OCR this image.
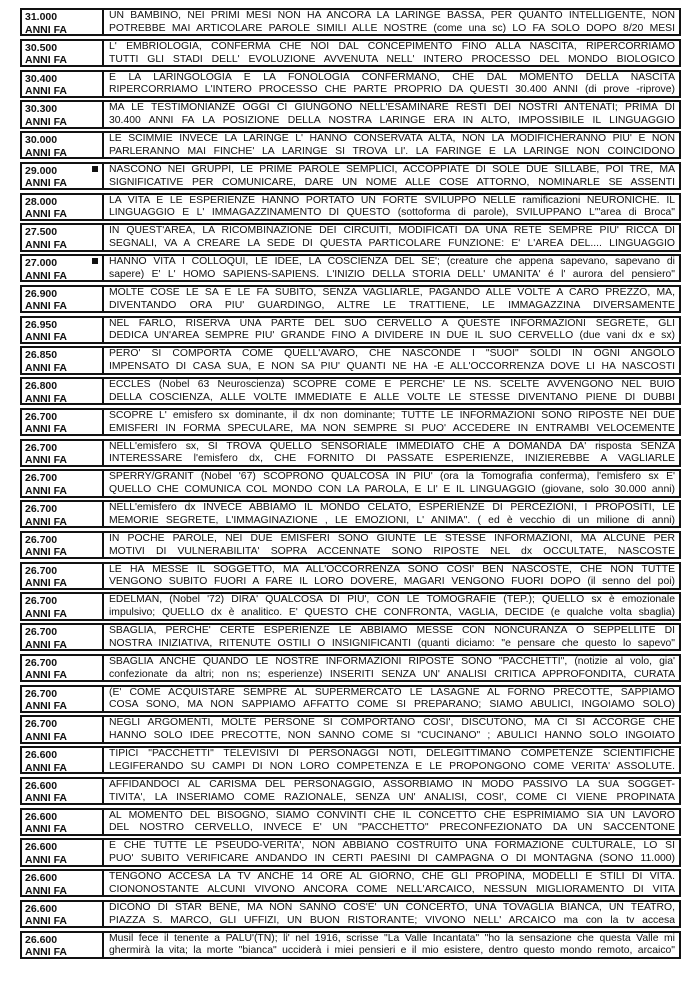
31.000
ANNI FA
UN BAMBINO, NEI PRIMI MESI NON HA ANCORA LA LARINGE BASSA, PER QUANTO INTELLIGENTE, NON
POTREBBE MAI ARTICOLARE PAROLE SIMILI ALLE NOSTRE (come una sc) LO FA SOLO DOPO 8/20 MESI
30.500
ANNI FA
L' EMBRIOLOGIA, CONFERMA CHE NOI DAL CONCEPIMENTO FINO ALLA NASCITA, RIPERCORRIAMO
TUTTI GLI STADI DELL' EVOLUZIONE AVVENUTA NELL' INTERO PROCESSO DEL MONDO BIOLOGICO
30.400
ANNI FA
E LA LARINGOLOGIA E LA FONOLOGIA CONFERMANO, CHE DAL MOMENTO DELLA NASCITA
RIPERCORRIAMO L'INTERO PROCESSO CHE PARTE PROPRIO DA QUESTI 30.400 ANNI (di prove -riprove)
30.300
ANNI FA
MA LE TESTIMONIANZE OGGI CI GIUNGONO NELL'ESAMINARE RESTI DEI NOSTRI ANTENATI; PRIMA DI
30.400 ANNI FA LA POSIZIONE DELLA NOSTRA LARINGE ERA IN ALTO, IMPOSSIBILE IL LINGUAGGIO
30.000
ANNI FA
LE SCIMMIE INVECE LA LARINGE L' HANNO CONSERVATA ALTA, NON LA MODIFICHERANNO PIU' E NON
PARLERANNO MAI FINCHE' LA LARINGE SI TROVA LI'. LA FARINGE E LA LARINGE NON COINCIDONO
29.000
ANNI FA
NASCONO NEI GRUPPI, LE PRIME PAROLE SEMPLICI, ACCOPPIATE DI SOLE DUE SILLABE, POI TRE, MA
SIGNIFICATIVE PER COMUNICARE, DARE UN NOME ALLE COSE ATTORNO, NOMINARLE SE ASSENTI
28.000
ANNI FA
LA VITA E LE ESPERIENZE HANNO PORTATO UN FORTE SVILUPPO NELLE ramificazioni NEURONICHE. IL
LINGUAGGIO E L' IMMAGAZZINAMENTO DI QUESTO (sottoforma di parole), SVILUPPANO L'"area di Broca"
27.500
ANNI FA
IN QUEST'AREA, LA RICOMBINAZIONE DEI CIRCUITI, MODIFICATI DA UNA RETE SEMPRE PIU' RICCA DI
SEGNALI, VA A CREARE LA SEDE DI QUESTA PARTICOLARE FUNZIONE: E' L'AREA DEL.... LINGUAGGIO
27.000
ANNI FA
HANNO VITA I COLLOQUI, LE IDEE, LA COSCIENZA DEL SE'; (creature che appena sapevano, sapevano di
sapere) E' L' HOMO SAPIENS-SAPIENS. L'INIZIO DELLA STORIA DELL' UMANITA' é l' aurora del pensiero"
26.900
ANNI FA
MOLTE COSE LE SA E LE FA SUBITO, SENZA VAGLIARLE, PAGANDO ALLE VOLTE A CARO PREZZO, MA,
DIVENTANDO ORA PIU' GUARDINGO, ALTRE LE TRATTIENE, LE IMMAGAZZINA DIVERSAMENTE
26.950
ANNI FA
NEL FARLO, RISERVA UNA PARTE DEL SUO CERVELLO A QUESTE INFORMAZIONI SEGRETE, GLI
DEDICA UN'AREA SEMPRE PIU' GRANDE FINO A DIVIDERE IN DUE IL SUO CERVELLO (due vani dx e sx)
26.850
ANNI FA
PERO' SI COMPORTA COME QUELL'AVARO, CHE NASCONDE I "SUOI" SOLDI IN OGNI ANGOLO
IMPENSATO DI CASA SUA, E NON SA PIU' QUANTI NE HA -E ALL'OCCORRENZA DOVE LI HA NASCOSTI
26.800
ANNI FA
ECCLES (Nobel 63 Neuroscienza) SCOPRE COME E PERCHE' LE NS. SCELTE AVVENGONO NEL BUIO
DELLA COSCIENZA, ALLE VOLTE IMMEDIATE E ALLE VOLTE LE STESSE DIVENTANO PIENE DI DUBBI
26.700
ANNI FA
SCOPRE L' emisfero sx dominante, il dx non dominante; TUTTE LE INFORMAZIONI SONO RIPOSTE NEI DUE
EMISFERI IN FORMA SPECULARE, MA NON SEMPRE SI PUO' ACCEDERE IN ENTRAMBI VELOCEMENTE
26.700
ANNI FA
NELL'emisfero sx, SI TROVA QUELLO SENSORIALE IMMEDIATO CHE A DOMANDA DA' risposta SENZA
INTERESSARE l'emisfero dx, CHE FORNITO DI PASSATE ESPERIENZE, INIZIEREBBE A VAGLIARLE
26.700
ANNI FA
SPERRY/GRANIT (Nobel '67) SCOPRONO QUALCOSA IN PIU' (ora la Tomografia conferma), l'emisfero sx E'
QUELLO CHE COMUNICA COL MONDO CON LA PAROLA, E LI' E IL LINGUAGGIO (giovane, solo 30.000 anni)
26.700
ANNI FA
NELL'emisfero dx INVECE ABBIAMO IL MONDO CELATO, ESPERIENZE DI PERCEZIONI, I PROPOSITI, LE
MEMORIE SEGRETE, L'IMMAGINAZIONE , LE EMOZIONI, L' ANIMA". ( ed è vecchio di un milione di anni)
26.700
ANNI FA
IN POCHE PAROLE, NEI DUE EMISFERI SONO GIUNTE LE STESSE INFORMAZIONI, MA ALCUNE PER
MOTIVI DI VULNERABILITA' SOPRA ACCENNATE SONO RIPOSTE NEL dx OCCULTATE, NASCOSTE
26.700
ANNI FA
LE HA MESSE IL SOGGETTO, MA ALL'OCCORRENZA SONO COSI' BEN NASCOSTE, CHE NON TUTTE
VENGONO SUBITO FUORI A FARE IL LORO DOVERE, MAGARI VENGONO FUORI DOPO (il senno del poi)
26.700
ANNI FA
EDELMAN, (Nobel '72) DIRA' QUALCOSA DI PIU', CON LE TOMOGRAFIE (TEP.); QUELLO sx è emozionale
impulsivo; QUELLO dx è analitico. E' QUESTO CHE CONFRONTA, VAGLIA, DECIDE (e qualche volta sbaglia)
26.700
ANNI FA
SBAGLIA, PERCHE' CERTE ESPERIENZE LE ABBIAMO MESSE CON NONCURANZA O SEPPELLITE DI
NOSTRA INIZIATIVA, RITENUTE OSTILI O INSIGNIFICANTI (quanti diciamo: "e pensare che questo lo sapevo"
26.700
ANNI FA
SBAGLIA ANCHE QUANDO LE NOSTRE INFORMAZIONI RIPOSTE SONO "PACCHETTI", (notizie al volo, gia'
confezionate da altri; non ns; esperienze) INSERITI SENZA UN' ANALISI CRITICA APPROFONDITA, CURATA
26.700
ANNI FA
(E' COME ACQUISTARE SEMPRE AL SUPERMERCATO LE LASAGNE AL FORNO PRECOTTE, SAPPIAMO
COSA SONO, MA NON SAPPIAMO AFFATTO COME SI PREPARANO; SIAMO ABULICI, INGOIAMO SOLO)
26.700
ANNI FA
NEGLI ARGOMENTI, MOLTE PERSONE SI COMPORTANO COSI', DISCUTONO, MA CI SI ACCORGE CHE
HANNO SOLO IDEE PRECOTTE, NON SANNO COME SI "CUCINANO" ; ABULICI HANNO SOLO INGOIATO
26.600
ANNI FA
TIPICI "PACCHETTI" TELEVISIVI DI PERSONAGGI NOTI, DELEGITTIMANO COMPETENZE SCIENTIFICHE
LEGIFERANDO SU CAMPI DI NON LORO COMPETENZA E LE PROPONGONO COME VERITA' ASSOLUTE.
26.600
ANNI FA
AFFIDANDOCI AL CARISMA DEL PERSONAGGIO, ASSORBIAMO IN MODO PASSIVO LA SUA SOGGET-
TIVITA', LA INSERIAMO COME RAZIONALE, SENZA UN' ANALISI, COSI', COME CI VIENE PROPINATA
26.600
ANNI FA
AL MOMENTO DEL BISOGNO, SIAMO CONVINTI CHE IL CONCETTO CHE ESPRIMIAMO SIA UN LAVORO
DEL NOSTRO CERVELLO, INVECE E' UN "PACCHETTO" PRECONFEZIONATO DA UN SACCENTONE
26.600
ANNI FA
E CHE TUTTE LE PSEUDO-VERITA', NON ABBIANO COSTRUITO UNA FORMAZIONE CULTURALE, LO SI
PUO' SUBITO VERIFICARE ANDANDO IN CERTI PAESINI DI CAMPAGNA O DI MONTAGNA (SONO 11.000)
26.600
ANNI FA
TENGONO ACCESA LA TV ANCHE 14 ORE AL GIORNO, CHE GLI PROPINA, MODELLI E STILI DI VITA.
CIONONOSTANTE ALCUNI VIVONO ANCORA COME NELL'ARCAICO, NESSUN MIGLIORAMENTO DI VITA
26.600
ANNI FA
DICONO DI STAR BENE, MA NON SANNO COS'E' UN CONCERTO, UNA TOVAGLIA BIANCA, UN TEATRO,
PIAZZA S. MARCO, GLI UFFIZI, UN BUON RISTORANTE; VIVONO NELL' ARCAICO ma con la tv accesa
26.600
ANNI FA
Musil fece il tenente a PALU'(TN); li' nel 1916, scrisse "La Valle Incantata" "ho la sensazione che questa Valle mi
ghermirà la vita; la morte "bianca" ucciderà i miei pensieri e il mio esistere, dentro questo mondo remoto, arcaico"
